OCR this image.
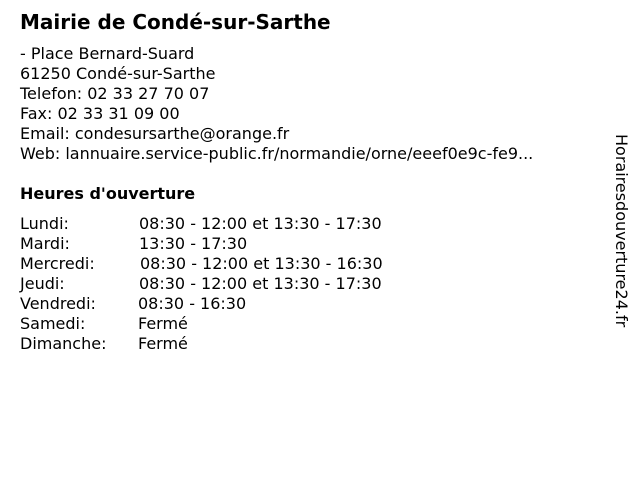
Mairie de Condé-sur-Sarthe
- Place Bernard-Suard
61250 Condé-sur-Sarthe
Telefon: 02 33 27 70 07
Fax: 02 33 31 09 00
Email: condesursarthe@orange.fr
Web: lannuaire.service-public.fr/normandie/orne/eeef0e9c-fe9...
Heures d'ouverture
Lundi:	08:30 - 12:00 et 13:30 - 17:30
Mardi:	13:30 - 17:30
Mercredi:	08:30 - 12:00 et 13:30 - 16:30
Jeudi:	08:30 - 12:00 et 13:30 - 17:30
Vendredi:	08:30 - 16:30
Samedi:	Fermé
Dimanche: Fermé
Horairesdouverture24.fr
